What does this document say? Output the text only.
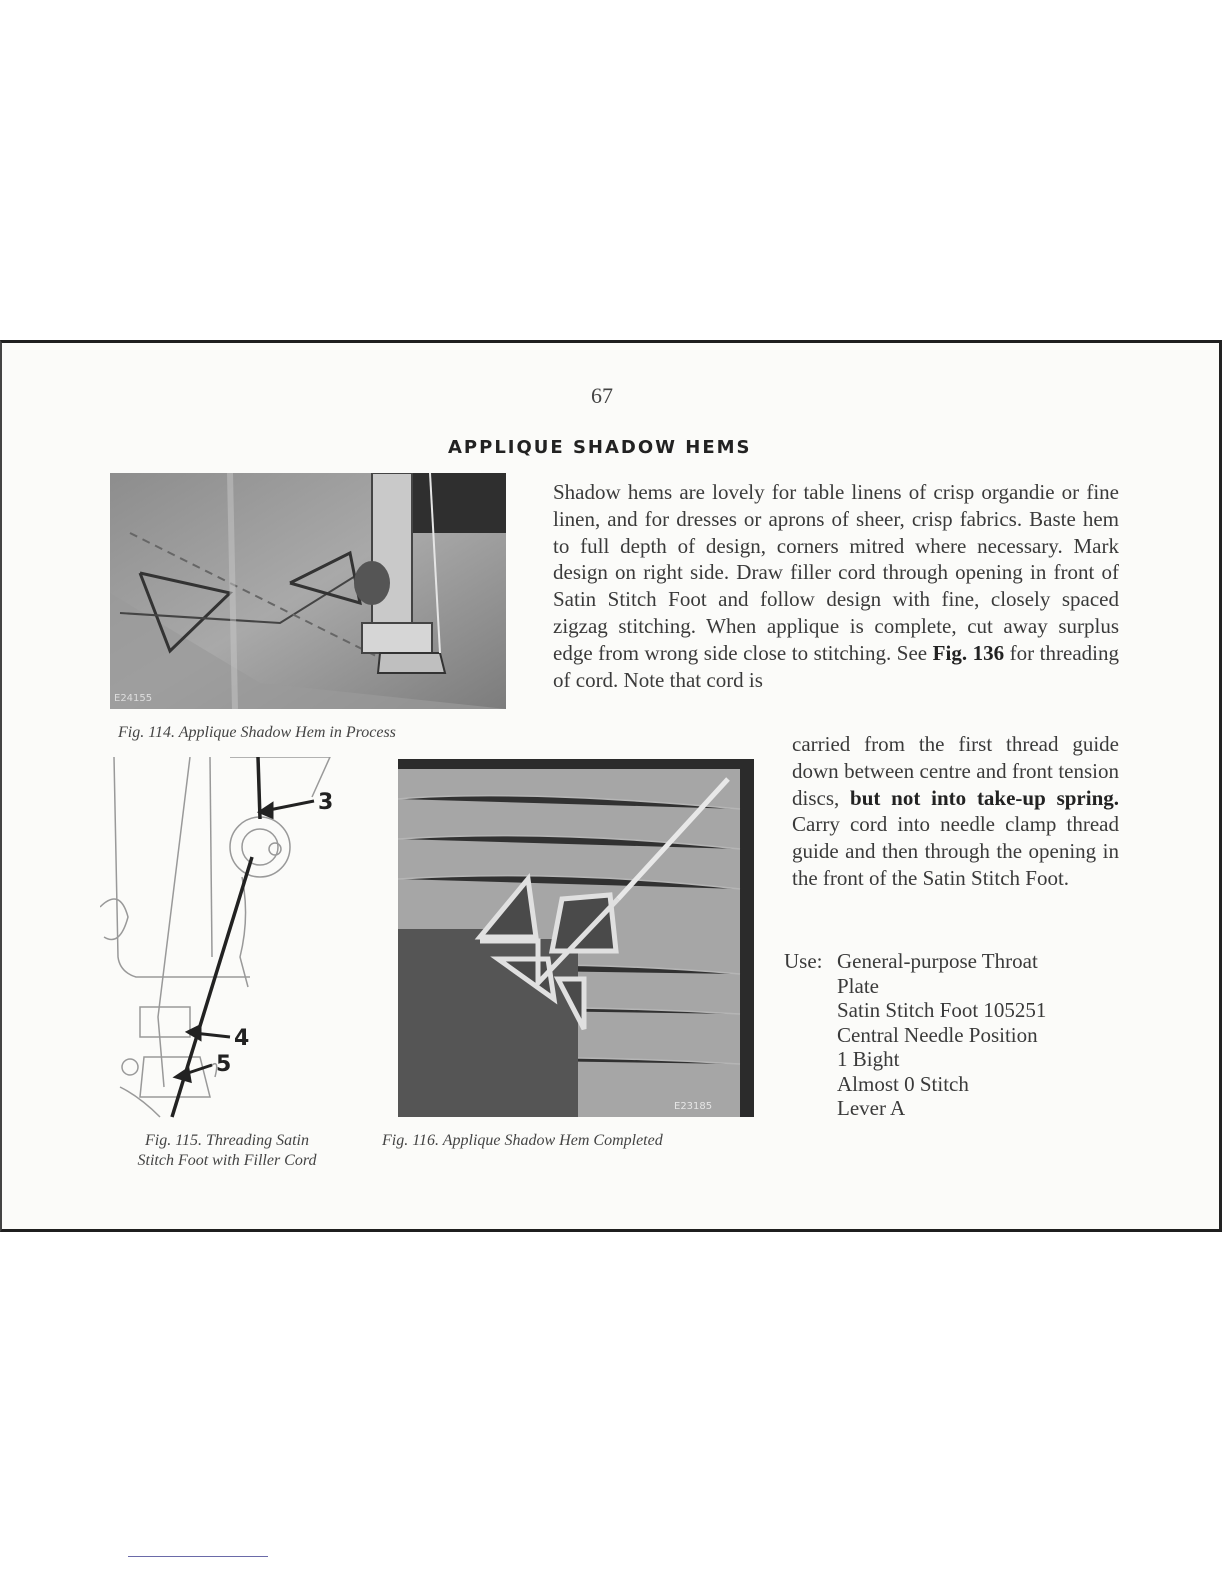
67
APPLIQUE SHADOW HEMS
E24155
Fig. 114. Applique Shadow Hem in Process
Shadow hems are lovely for table linens of crisp organdie or fine linen, and for dresses or aprons of sheer, crisp fabrics. Baste hem to full depth of design, corners mitred where necessary. Mark design on right side. Draw filler cord through opening in front of Satin Stitch Foot and follow design with fine, closely spaced zigzag stitching. When applique is complete, cut away surplus edge from wrong side close to stitching. See Fig. 136 for threading of cord. Note that cord is
carried from the first thread guide down between centre and front tension discs, but not into take-up spring. Carry cord into needle clamp thread guide and then through the opening in the front of the Satin Stitch Foot.
3
4
5
Fig. 115. Threading Satin
Stitch Foot with Filler Cord
E23185
Fig. 116. Applique Shadow Hem Completed
Use: General-purpose Throat
Plate
Satin Stitch Foot 105251
Central Needle Position
1 Bight
Almost 0 Stitch
Lever A
